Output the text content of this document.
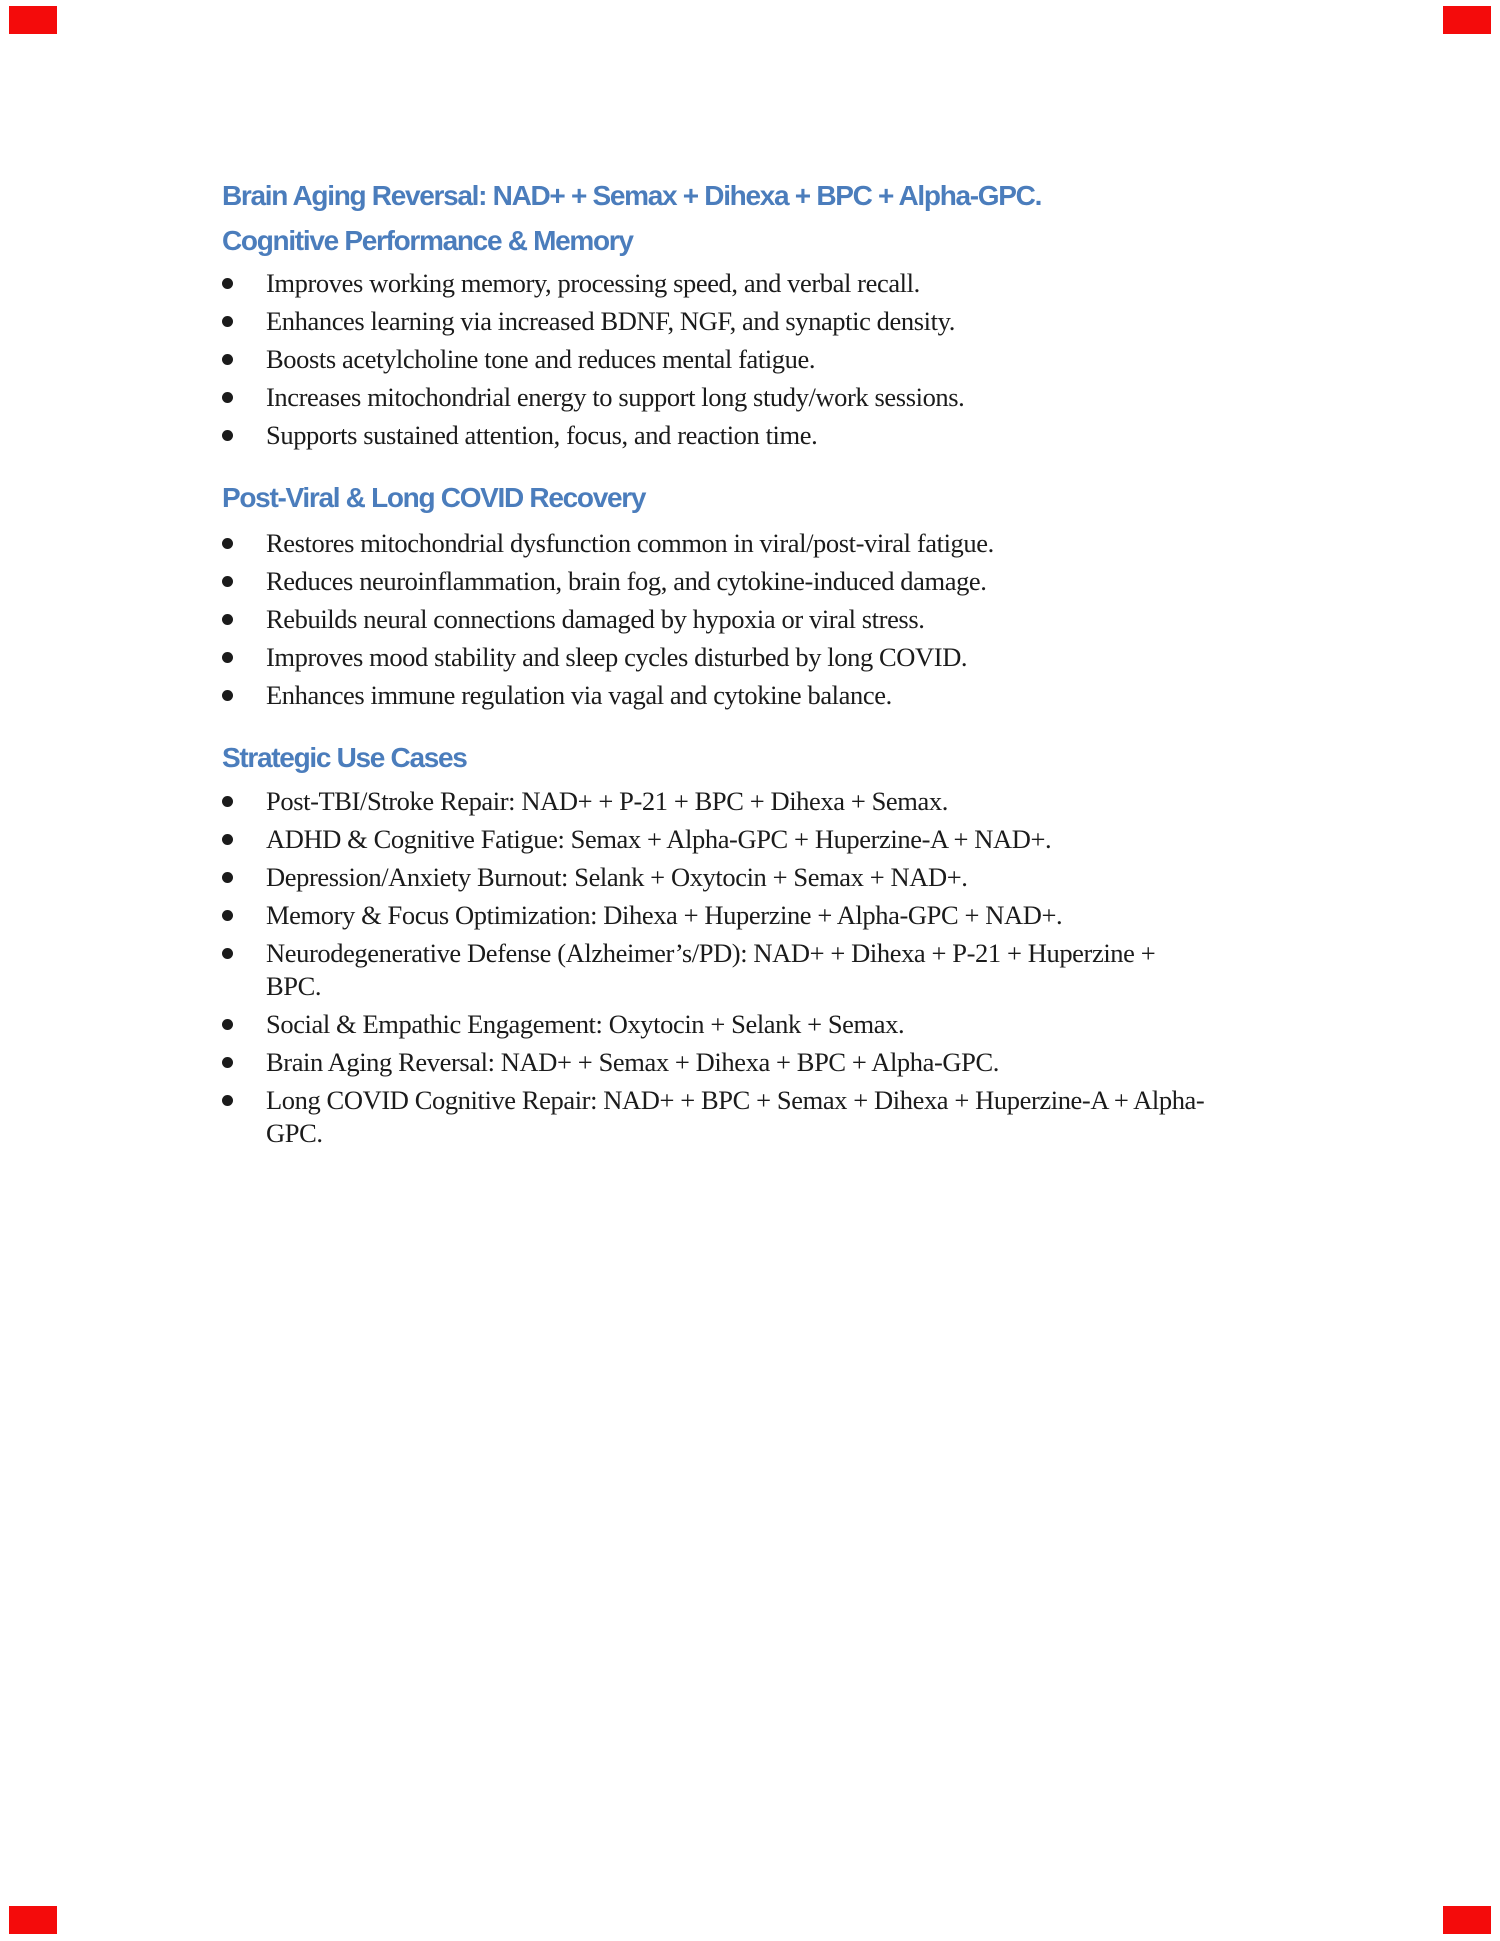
Brain Aging Reversal: NAD+ + Semax + Dihexa + BPC + Alpha-GPC.
Cognitive Performance & Memory
Improves working memory, processing speed, and verbal recall.
Enhances learning via increased BDNF, NGF, and synaptic density.
Boosts acetylcholine tone and reduces mental fatigue.
Increases mitochondrial energy to support long study/work sessions.
Supports sustained attention, focus, and reaction time.
Post-Viral & Long COVID Recovery
Restores mitochondrial dysfunction common in viral/post-viral fatigue.
Reduces neuroinflammation, brain fog, and cytokine-induced damage.
Rebuilds neural connections damaged by hypoxia or viral stress.
Improves mood stability and sleep cycles disturbed by long COVID.
Enhances immune regulation via vagal and cytokine balance.
Strategic Use Cases
Post-TBI/Stroke Repair: NAD+ + P-21 + BPC + Dihexa + Semax.
ADHD & Cognitive Fatigue: Semax + Alpha-GPC + Huperzine-A + NAD+.
Depression/Anxiety Burnout: Selank + Oxytocin + Semax + NAD+.
Memory & Focus Optimization: Dihexa + Huperzine + Alpha-GPC + NAD+.
Neurodegenerative Defense (Alzheimer’s/PD): NAD+ + Dihexa + P-21 + Huperzine +
BPC.
Social & Empathic Engagement: Oxytocin + Selank + Semax.
Brain Aging Reversal: NAD+ + Semax + Dihexa + BPC + Alpha-GPC.
Long COVID Cognitive Repair: NAD+ + BPC + Semax + Dihexa + Huperzine-A + Alpha-
GPC.
